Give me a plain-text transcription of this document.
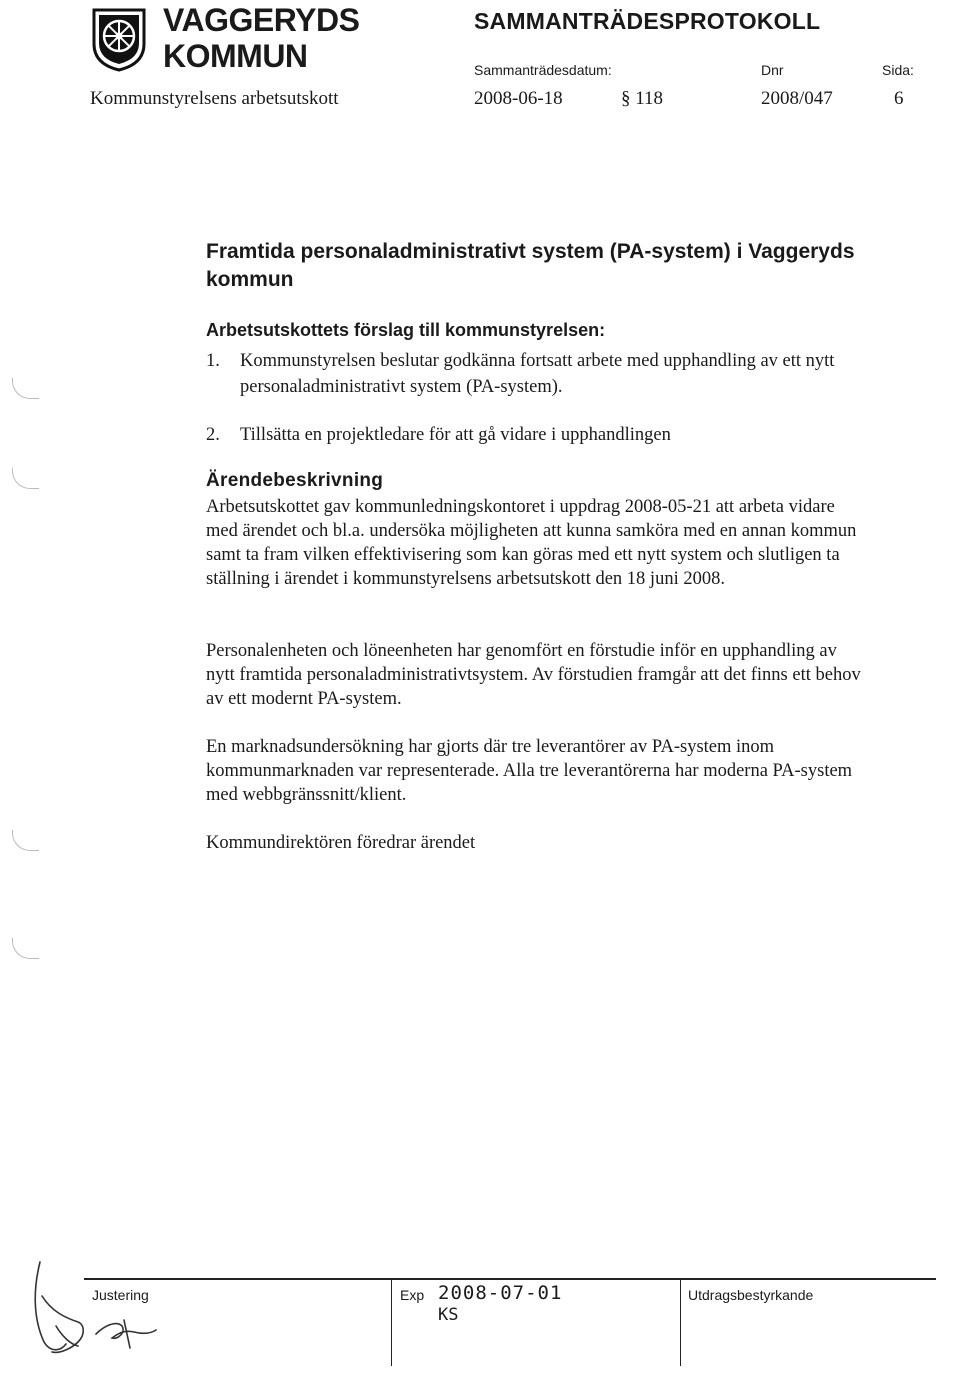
VAGGERYDS
KOMMUN
SAMMANTRÄDESPROTOKOLL
Sammanträdesdatum:	Dnr	Sida:
Kommunstyrelsens arbetsutskott	2008-06-18	§ 118	2008/047	6
Framtida personaladministrativt system (PA-system) i Vaggeryds kommun
Arbetsutskottets förslag till kommunstyrelsen:
1.	Kommunstyrelsen beslutar godkänna fortsatt arbete med upphandling av ett nytt personaladministrativt system (PA-system).
2.	Tillsätta en projektledare för att gå vidare i upphandlingen
Ärendebeskrivning

Arbetsutskottet gav kommunledningskontoret i uppdrag 2008-05-21 att arbeta vidare med ärendet och bl.a. undersöka möjligheten att kunna samköra med en annan kommun samt ta fram vilken effektivisering som kan göras med ett nytt system och slutligen ta ställning i ärendet i kommunstyrelsens arbetsutskott den 18 juni 2008.

Personalenheten och löneenheten har genomfört en förstudie inför en upphandling av nytt framtida personaladministrativtsystem. Av förstudien framgår att det finns ett behov av ett modernt PA-system.

En marknadsundersökning har gjorts där tre leverantörer av PA-system inom kommunmarknaden var representerade. Alla tre leverantörerna har moderna PA-system med webbgränssnitt/klient.

Kommundirektören föredrar ärendet

Justering	Exp 2008-07-01
KS
Utdragsbestyrkande
